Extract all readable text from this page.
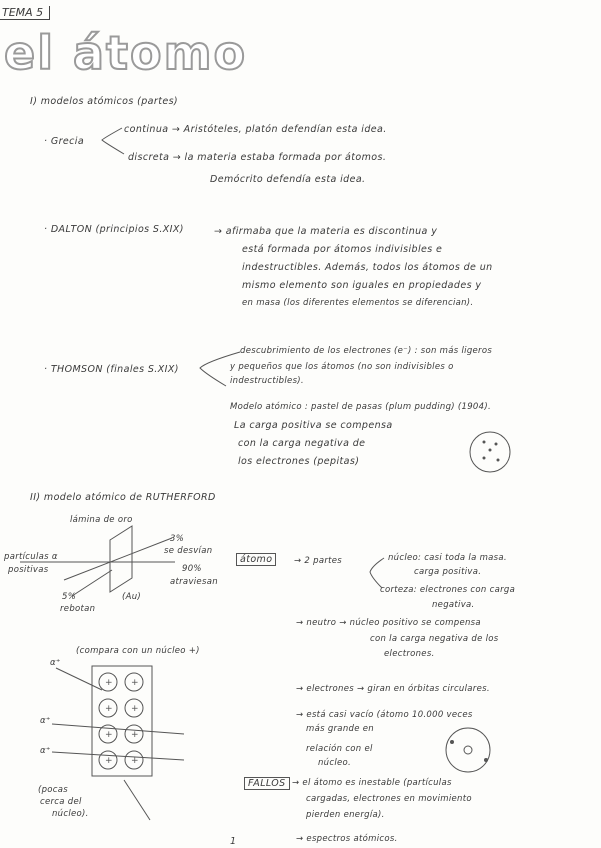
TEMA 5
el átomo
I) modelos atómicos (partes)
· Grecia
continua → Aristóteles, platón defendían esta idea.
discreta → la materia estaba formada por átomos.
Demócrito defendía esta idea.
· DALTON (principios S.XIX)	→ afirmaba que la materia es discontinua y
está formada por átomos indivisibles e
indestructibles. Además, todos los átomos de un
mismo elemento son iguales en propiedades y
en masa (los diferentes elementos se diferencian).
· THOMSON (finales S.XIX)
descubrimiento de los electrones (e⁻) : son más ligeros
y pequeños que los átomos (no son indivisibles o
indestructibles).
Modelo atómico : pastel de pasas (plum pudding) (1904).
La carga positiva se compensa
con la carga negativa de
los electrones (pepitas)
II) modelo atómico de RUTHERFORD
lámina de oro
partículas α
positivas
3%
se desvían
90%
atraviesan
5%
rebotan
(Au)
átomo	→ 2 partes	núcleo: casi toda la masa.
carga positiva.
corteza: electrones con carga
negativa.
→ neutro → núcleo positivo se compensa
con la carga negativa de los
electrones.
→ electrones → giran en órbitas circulares.
→ está casi vacío (átomo 10.000 veces
más grande en
relación con el
núcleo.
(compara con un núcleo +)
α⁺
α⁺
α⁺
(pocas
cerca del
núcleo).
FALLOS → el átomo es inestable (partículas
cargadas, electrones en movimiento
pierden energía).
→ espectros atómicos.
1
+ +
+ +
+ +
+ +
